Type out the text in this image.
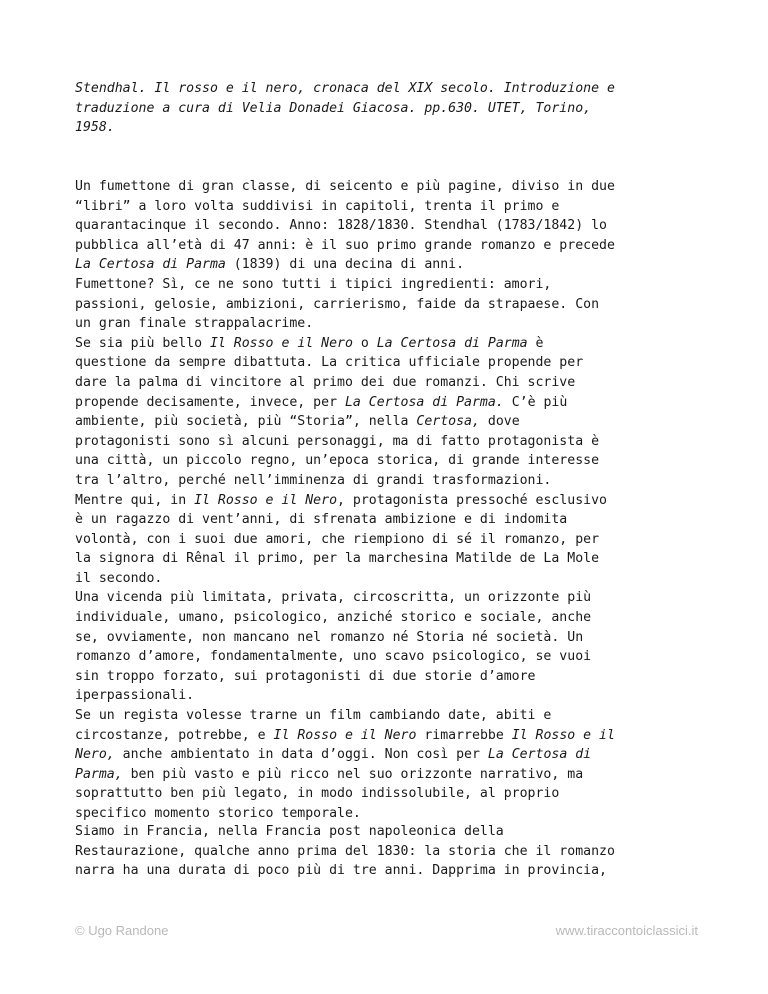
Stendhal. Il rosso e il nero, cronaca del XIX secolo. Introduzione e
traduzione a cura di Velia Donadei Giacosa. pp.630. UTET, Torino,
1958.
Un fumettone di gran classe, di seicento e più pagine, diviso in due
“libri” a loro volta suddivisi in capitoli, trenta il primo e
quarantacinque il secondo. Anno: 1828/1830. Stendhal (1783/1842) lo
pubblica all’età di 47 anni: è il suo primo grande romanzo e precede
La Certosa di Parma (1839) di una decina di anni.
Fumettone? Sì, ce ne sono tutti i tipici ingredienti: amori,
passioni, gelosie, ambizioni, carrierismo, faide da strapaese. Con
un gran finale strappalacrime.
Se sia più bello Il Rosso e il Nero o La Certosa di Parma è
questione da sempre dibattuta. La critica ufficiale propende per
dare la palma di vincitore al primo dei due romanzi. Chi scrive
propende decisamente, invece, per La Certosa di Parma. C’è più
ambiente, più società, più “Storia”, nella Certosa, dove
protagonisti sono sì alcuni personaggi, ma di fatto protagonista è
una città, un piccolo regno, un’epoca storica, di grande interesse
tra l’altro, perché nell’imminenza di grandi trasformazioni.
Mentre qui, in Il Rosso e il Nero, protagonista pressoché esclusivo
è un ragazzo di vent’anni, di sfrenata ambizione e di indomita
volontà, con i suoi due amori, che riempiono di sé il romanzo, per
la signora di Rênal il primo, per la marchesina Matilde de La Mole
il secondo.
Una vicenda più limitata, privata, circoscritta, un orizzonte più
individuale, umano, psicologico, anziché storico e sociale, anche
se, ovviamente, non mancano nel romanzo né Storia né società. Un
romanzo d’amore, fondamentalmente, uno scavo psicologico, se vuoi
sin troppo forzato, sui protagonisti di due storie d’amore
iperpassionali.
Se un regista volesse trarne un film cambiando date, abiti e
circostanze, potrebbe, e Il Rosso e il Nero rimarrebbe Il Rosso e il
Nero, anche ambientato in data d’oggi. Non così per La Certosa di
Parma, ben più vasto e più ricco nel suo orizzonte narrativo, ma
soprattutto ben più legato, in modo indissolubile, al proprio
specifico momento storico temporale.
Siamo in Francia, nella Francia post napoleonica della
Restaurazione, qualche anno prima del 1830: la storia che il romanzo
narra ha una durata di poco più di tre anni. Dapprima in provincia,
© Ugo Randone	www.tiraccontoiclassici.it
